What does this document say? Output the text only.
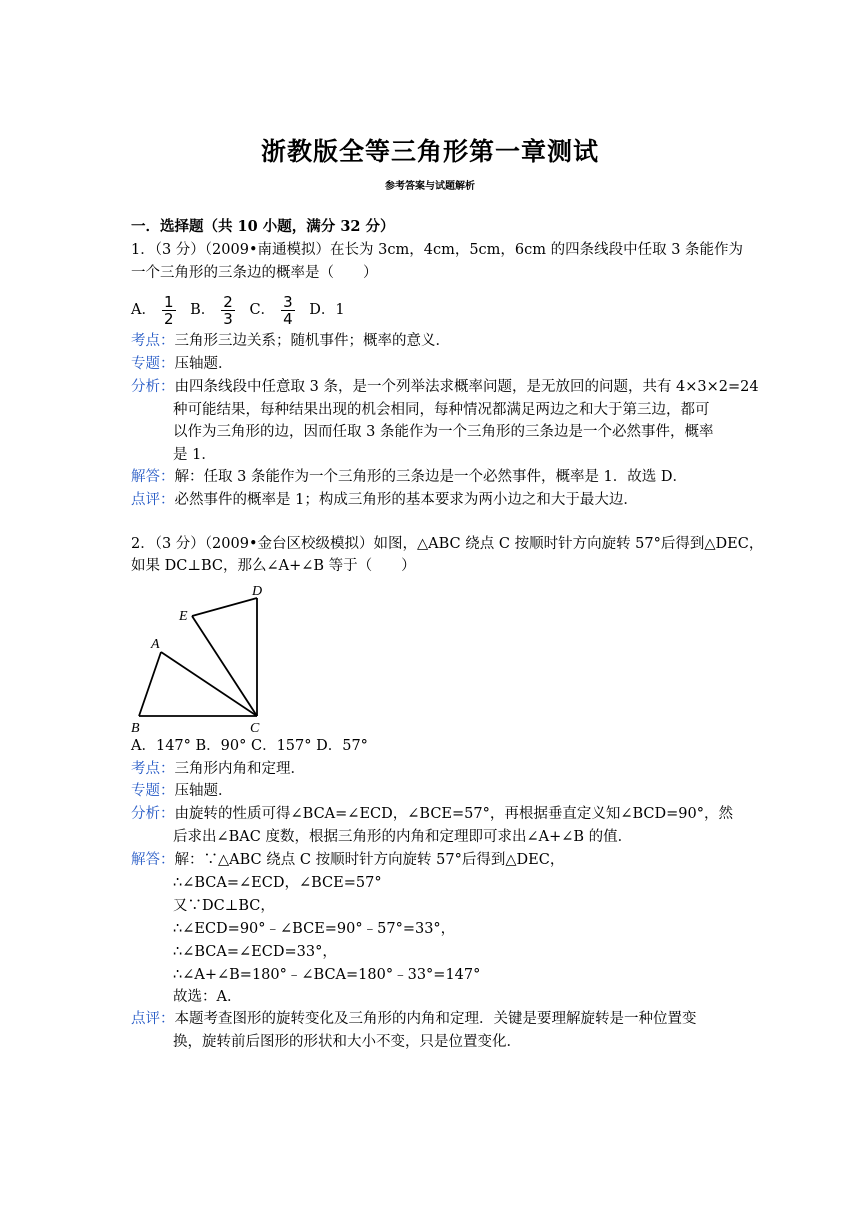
浙教版全等三角形第一章测试
参考答案与试题解析
一．选择题（共 10 小题，满分 32 分）
1．（3 分）（2009•南通模拟）在长为 3cm，4cm，5cm，6cm 的四条线段中任取 3 条能作为
一个三角形的三条边的概率是（　　）
A． $\frac{1}{2}$ B． $\frac{2}{3}$ C． $\frac{3}{4}$ D．1
考点：三角形三边关系；随机事件；概率的意义．
专题：压轴题．
分析：由四条线段中任意取 3 条，是一个列举法求概率问题，是无放回的问题，共有 4×3×2=24
种可能结果，每种结果出现的机会相同，每种情况都满足两边之和大于第三边，都可
以作为三角形的边，因而任取 3 条能作为一个三角形的三条边是一个必然事件，概率
是 1．
解答：解：任取 3 条能作为一个三角形的三条边是一个必然事件，概率是 1．故选 D．
点评：必然事件的概率是 1；构成三角形的基本要求为两小边之和大于最大边．
2．（3 分）（2009•金台区校级模拟）如图，△ABC 绕点 C 按顺时针方向旋转 57°后得到△DEC，
如果 DC⊥BC，那么∠A+∠B 等于（　　）
D
E
A
B	C
A．147° B．90° C．157° D．57°
考点：三角形内角和定理．
专题：压轴题．
分析：由旋转的性质可得∠BCA=∠ECD，∠BCE=57°，再根据垂直定义知∠BCD=90°，然
后求出∠BAC 度数，根据三角形的内角和定理即可求出∠A+∠B 的值．
解答：解：∵△ABC 绕点 C 按顺时针方向旋转 57°后得到△DEC，
∴∠BCA=∠ECD，∠BCE=57°
又∵DC⊥BC，
∴∠ECD=90°﹣∠BCE=90°﹣57°=33°，
∴∠BCA=∠ECD=33°，
∴∠A+∠B=180°﹣∠BCA=180°﹣33°=147°
故选：A．
点评：本题考查图形的旋转变化及三角形的内角和定理．关键是要理解旋转是一种位置变
换，旋转前后图形的形状和大小不变，只是位置变化．
